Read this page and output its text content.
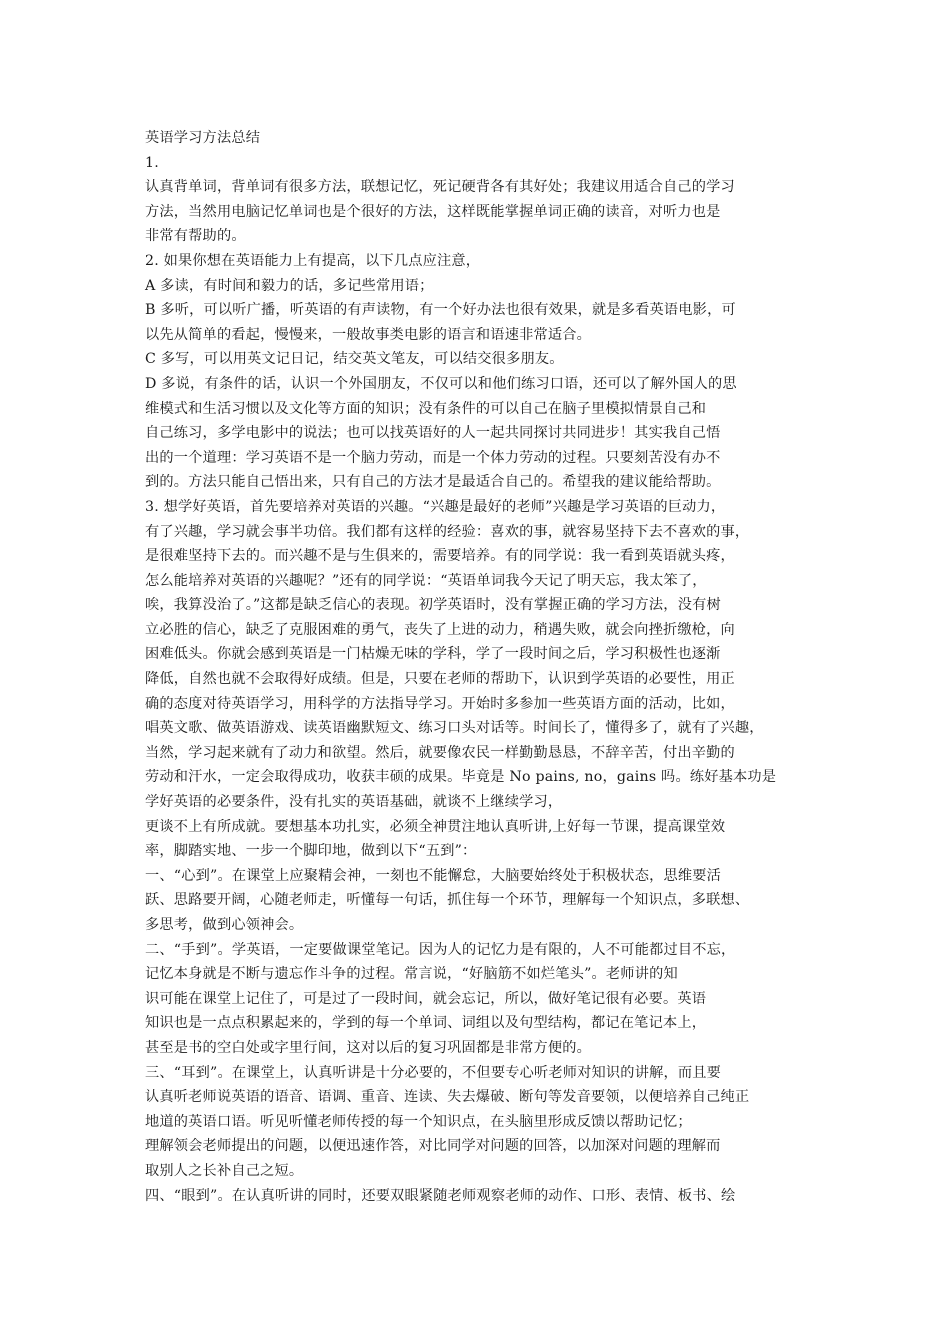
英语学习方法总结
1.
认真背单词，背单词有很多方法，联想记忆，死记硬背各有其好处；我建议用适合自己的学习
方法，当然用电脑记忆单词也是个很好的方法，这样既能掌握单词正确的读音，对听力也是
非常有帮助的。
2. 如果你想在英语能力上有提高，以下几点应注意，
A 多读，有时间和毅力的话，多记些常用语；
B 多听，可以听广播，听英语的有声读物，有一个好办法也很有效果，就是多看英语电影，可
以先从简单的看起，慢慢来，一般故事类电影的语言和语速非常适合。
C 多写，可以用英文记日记，结交英文笔友，可以结交很多朋友。
D 多说，有条件的话，认识一个外国朋友，不仅可以和他们练习口语，还可以了解外国人的思
维模式和生活习惯以及文化等方面的知识；没有条件的可以自己在脑子里模拟情景自己和
自己练习，多学电影中的说法；也可以找英语好的人一起共同探讨共同进步！其实我自己悟
出的一个道理：学习英语不是一个脑力劳动，而是一个体力劳动的过程。只要刻苦没有办不
到的。方法只能自己悟出来，只有自己的方法才是最适合自己的。希望我的建议能给帮助。
3. 想学好英语，首先要培养对英语的兴趣。“兴趣是最好的老师”兴趣是学习英语的巨动力，
有了兴趣，学习就会事半功倍。我们都有这样的经验：喜欢的事，就容易坚持下去不喜欢的事，
是很难坚持下去的。而兴趣不是与生俱来的，需要培养。有的同学说：我一看到英语就头疼，
怎么能培养对英语的兴趣呢？”还有的同学说：“英语单词我今天记了明天忘，我太笨了，
唉，我算没治了。”这都是缺乏信心的表现。初学英语时，没有掌握正确的学习方法，没有树
立必胜的信心，缺乏了克服困难的勇气，丧失了上进的动力，稍遇失败，就会向挫折缴枪，向
困难低头。你就会感到英语是一门枯燥无味的学科，学了一段时间之后，学习积极性也逐渐
降低，自然也就不会取得好成绩。但是，只要在老师的帮助下，认识到学英语的必要性，用正
确的态度对待英语学习，用科学的方法指导学习。开始时多参加一些英语方面的活动，比如，
唱英文歌、做英语游戏、读英语幽默短文、练习口头对话等。时间长了，懂得多了，就有了兴趣，
当然，学习起来就有了动力和欲望。然后，就要像农民一样勤勤恳恳，不辞辛苦，付出辛勤的
劳动和汗水，一定会取得成功，收获丰硕的成果。毕竟是 No pains, no，gains 吗。练好基本功是
学好英语的必要条件，没有扎实的英语基础，就谈不上继续学习，
更谈不上有所成就。要想基本功扎实，必须全神贯注地认真听讲,上好每一节课，提高课堂效
率，脚踏实地、一步一个脚印地，做到以下“五到”：
一、“心到”。在课堂上应聚精会神，一刻也不能懈怠，大脑要始终处于积极状态，思维要活
跃、思路要开阔，心随老师走，听懂每一句话，抓住每一个环节，理解每一个知识点，多联想、
多思考，做到心领神会。
二、“手到”。学英语，一定要做课堂笔记。因为人的记忆力是有限的，人不可能都过目不忘，
记忆本身就是不断与遗忘作斗争的过程。常言说，“好脑筋不如烂笔头”。老师讲的知
识可能在课堂上记住了，可是过了一段时间，就会忘记，所以，做好笔记很有必要。英语
知识也是一点点积累起来的，学到的每一个单词、词组以及句型结构，都记在笔记本上，
甚至是书的空白处或字里行间，这对以后的复习巩固都是非常方便的。
三、“耳到”。在课堂上，认真听讲是十分必要的，不但要专心听老师对知识的讲解，而且要
认真听老师说英语的语音、语调、重音、连读、失去爆破、断句等发音要领，以便培养自己纯正
地道的英语口语。听见听懂老师传授的每一个知识点，在头脑里形成反馈以帮助记忆；
理解领会老师提出的问题，以便迅速作答，对比同学对问题的回答，以加深对问题的理解而
取别人之长补自己之短。
四、“眼到”。在认真听讲的同时，还要双眼紧随老师观察老师的动作、口形、表情、板书、绘
